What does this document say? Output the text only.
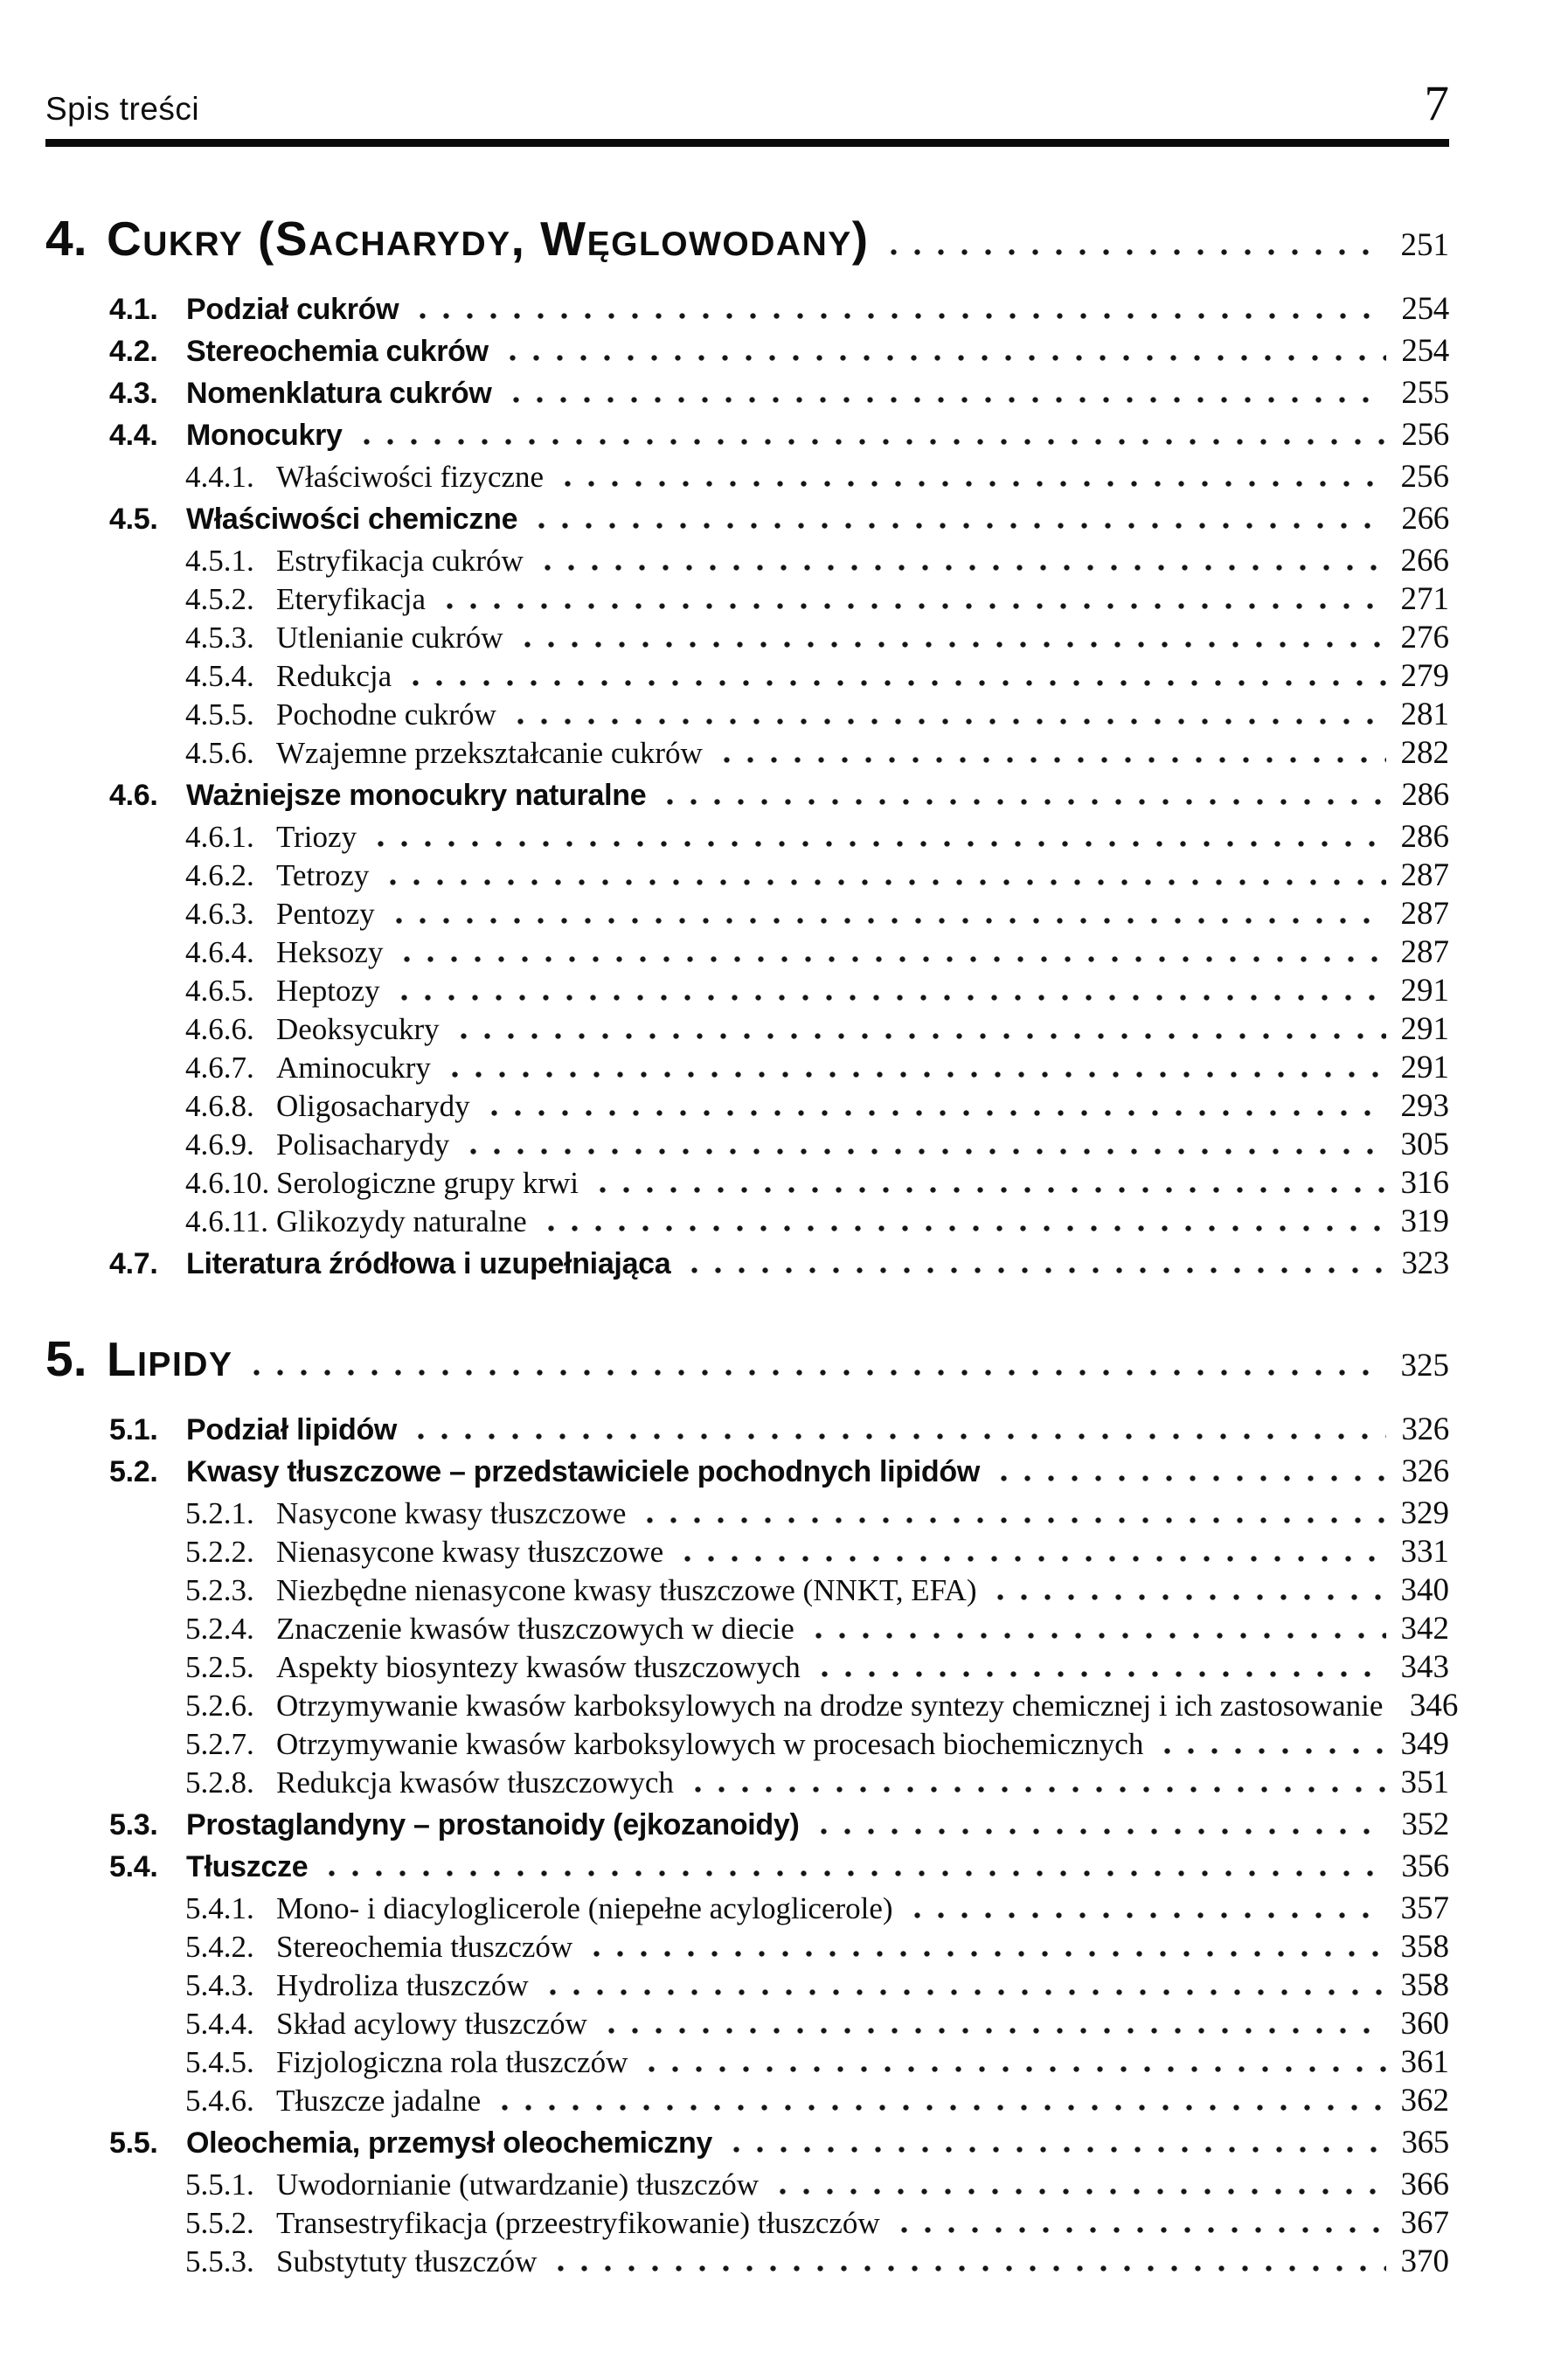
Spis treści	7
4. Cukry (Sacharydy, Węglowodany)	251
4.1. Podział cukrów	254
4.2. Stereochemia cukrów	254
4.3. Nomenklatura cukrów	255
4.4. Monocukry	256
4.4.1. Właściwości fizyczne	256
4.5. Właściwości chemiczne	266
4.5.1. Estryfikacja cukrów	266
4.5.2. Eteryfikacja	271
4.5.3. Utlenianie cukrów	276
4.5.4. Redukcja	279
4.5.5. Pochodne cukrów	281
4.5.6. Wzajemne przekształcanie cukrów	282
4.6. Ważniejsze monocukry naturalne	286
4.6.1. Triozy	286
4.6.2. Tetrozy	287
4.6.3. Pentozy	287
4.6.4. Heksozy	287
4.6.5. Heptozy	291
4.6.6. Deoksycukry	291
4.6.7. Aminocukry	291
4.6.8. Oligosacharydy	293
4.6.9. Polisacharydy	305
4.6.10. Serologiczne grupy krwi	316
4.6.11. Glikozydy naturalne	319
4.7. Literatura źródłowa i uzupełniająca	323
5. Lipidy	325
5.1. Podział lipidów	326
5.2. Kwasy tłuszczowe – przedstawiciele pochodnych lipidów	326
5.2.1. Nasycone kwasy tłuszczowe	329
5.2.2. Nienasycone kwasy tłuszczowe	331
5.2.3. Niezbędne nienasycone kwasy tłuszczowe (NNKT, EFA)	340
5.2.4. Znaczenie kwasów tłuszczowych w diecie	342
5.2.5. Aspekty biosyntezy kwasów tłuszczowych	343
5.2.6. Otrzymywanie kwasów karboksylowych na drodze syntezy chemicznej i ich zastosowanie 346
5.2.7. Otrzymywanie kwasów karboksylowych w procesach biochemicznych	349
5.2.8. Redukcja kwasów tłuszczowych	351
5.3. Prostaglandyny – prostanoidy (ejkozanoidy)	352
5.4. Tłuszcze	356
5.4.1. Mono- i diacyloglicerole (niepełne acyloglicerole)	357
5.4.2. Stereochemia tłuszczów	358
5.4.3. Hydroliza tłuszczów	358
5.4.4. Skład acylowy tłuszczów	360
5.4.5. Fizjologiczna rola tłuszczów	361
5.4.6. Tłuszcze jadalne	362
5.5. Oleochemia, przemysł oleochemiczny	365
5.5.1. Uwodornianie (utwardzanie) tłuszczów	366
5.5.2. Transestryfikacja (przeestryfikowanie) tłuszczów	367
5.5.3. Substytuty tłuszczów	370
